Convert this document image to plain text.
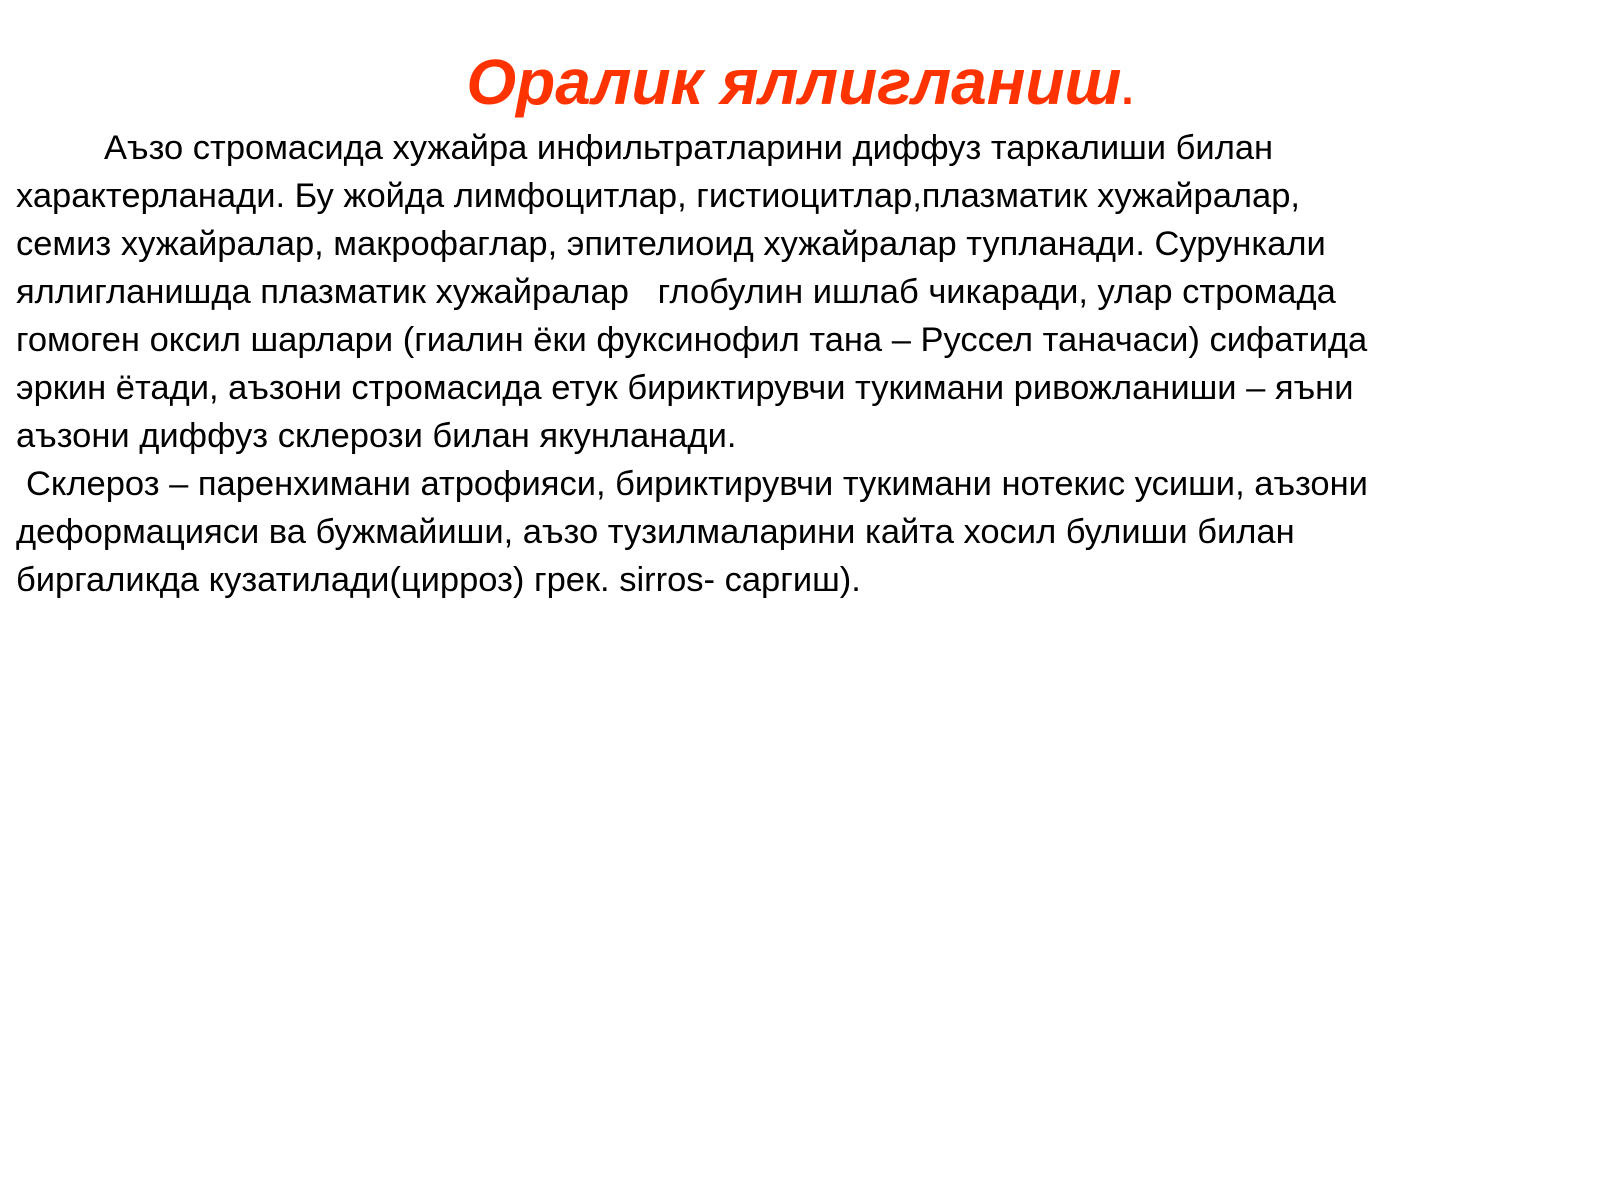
Оралик яллигланиш.
Аъзо стромасида хужайра инфильтратларини диффуз таркалиши билан
характерланади. Бу жойда лимфоцитлар, гистиоцитлар,плазматик хужайралар,
семиз хужайралар, макрофаглар, эпителиоид хужайралар тупланади. Сурункали
яллигланишда плазматик хужайралар   глобулин ишлаб чикаради, улар стромада
гомоген оксил шарлари (гиалин ёки фуксинофил тана – Руссел таначаси) сифатида
эркин ётади, аъзони стромасида етук бириктирувчи тукимани ривожланиши – яъни
аъзони диффуз склерози билан якунланади.
Склероз – паренхимани атрофияси, бириктирувчи тукимани нотекис усиши, аъзони
деформацияси ва бужмайиши, аъзо тузилмаларини кайта хосил булиши билан
биргаликда кузатилади(цирроз) грек. sirros- саргиш).
